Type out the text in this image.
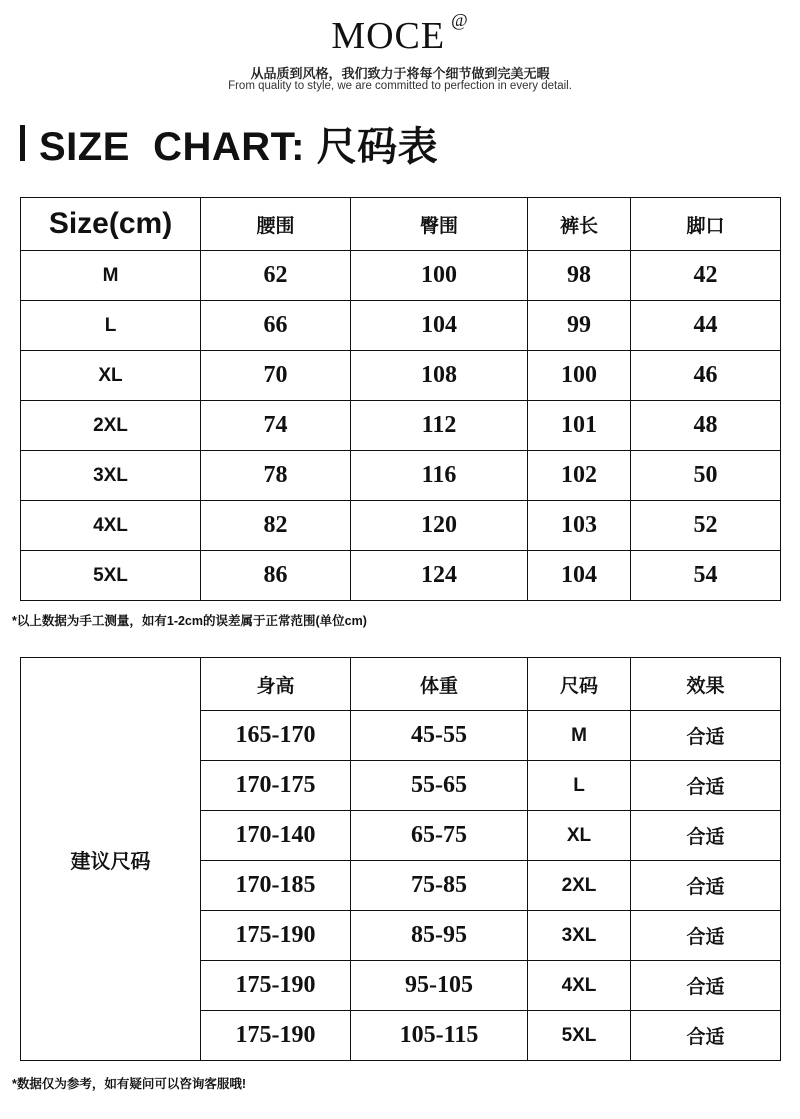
MOCE @
从品质到风格，我们致力于将每个细节做到完美无暇
From quality to style, we are committed to perfection in every detail.
SIZE  CHART: 尺码表
Size(cm)	腰围	臀围	裤长	脚口
M	62	100	98	42
L	66	104	99	44
XL	70	108	100	46
2XL	74	112	101	48
3XL	78	116	102	50
4XL	82	120	103	52
5XL	86	124	104	54
*以上数据为手工测量，如有1-2cm的误差属于正常范围(单位cm)
建议尺码	身高	体重	尺码	效果
	165-170	45-55	M	合适
	170-175	55-65	L	合适
	170-140	65-75	XL	合适
	170-185	75-85	2XL	合适
	175-190	85-95	3XL	合适
	175-190	95-105	4XL	合适
	175-190	105-115	5XL	合适
*数据仅为参考，如有疑问可以咨询客服哦!
